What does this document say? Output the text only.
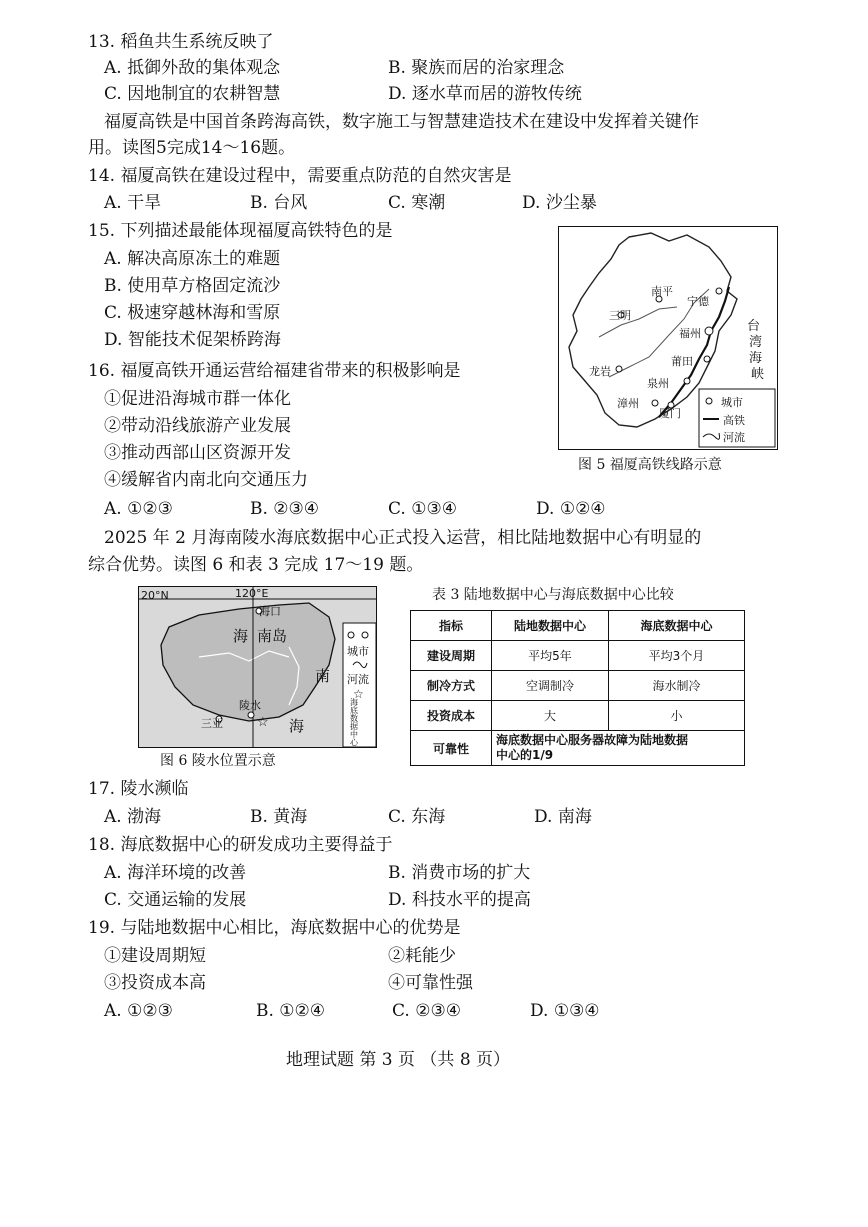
13. 稻鱼共生系统反映了
A. 抵御外敌的集体观念	B. 聚族而居的治家理念
C. 因地制宜的农耕智慧	D. 逐水草而居的游牧传统
福厦高铁是中国首条跨海高铁，数字施工与智慧建造技术在建设中发挥着关键作
用。读图5完成14～16题。
14. 福厦高铁在建设过程中，需要重点防范的自然灾害是
A. 干旱	B. 台风	C. 寒潮	D. 沙尘暴
15. 下列描述最能体现福厦高铁特色的是
A. 解决高原冻土的难题
B. 使用草方格固定流沙
C. 极速穿越林海和雪原
D. 智能技术促架桥跨海
16. 福厦高铁开通运营给福建省带来的积极影响是
①促进沿海城市群一体化
②带动沿线旅游产业发展
③推动西部山区资源开发
④缓解省内南北向交通压力
A. ①②③	B. ②③④	C. ①③④	D. ①②④
南平
宁德
三明
福州
莆田
龙岩
泉州
漳州
厦门
台
湾
海
峡
城市
高铁
河流
图 5 福厦高铁线路示意
2025 年 2 月海南陵水海底数据中心正式投入运营，相比陆地数据中心有明显的
综合优势。读图 6 和表 3 完成 17～19 题。
20°N	120°E
海口
海 南岛
南
海
陵水
三亚	☆
城市
河流
☆
海底 数据 中心
图 6 陵水位置示意
表 3 陆地数据中心与海底数据中心比较
指标	陆地数据中心	海底数据中心
建设周期	平均5年	平均3个月
制冷方式	空调制冷	海水制冷
投资成本	大	小
可靠性	海底数据中心服务器故障为陆地数据
中心的1/9	
17. 陵水濒临
A. 渤海	B. 黄海	C. 东海	D. 南海
18. 海底数据中心的研发成功主要得益于
A. 海洋环境的改善	B. 消费市场的扩大
C. 交通运输的发展	D. 科技水平的提高
19. 与陆地数据中心相比，海底数据中心的优势是
①建设周期短	②耗能少
③投资成本高	④可靠性强
A. ①②③	B. ①②④	C. ②③④	D. ①③④
地理试题 第 3 页 （共 8 页）
